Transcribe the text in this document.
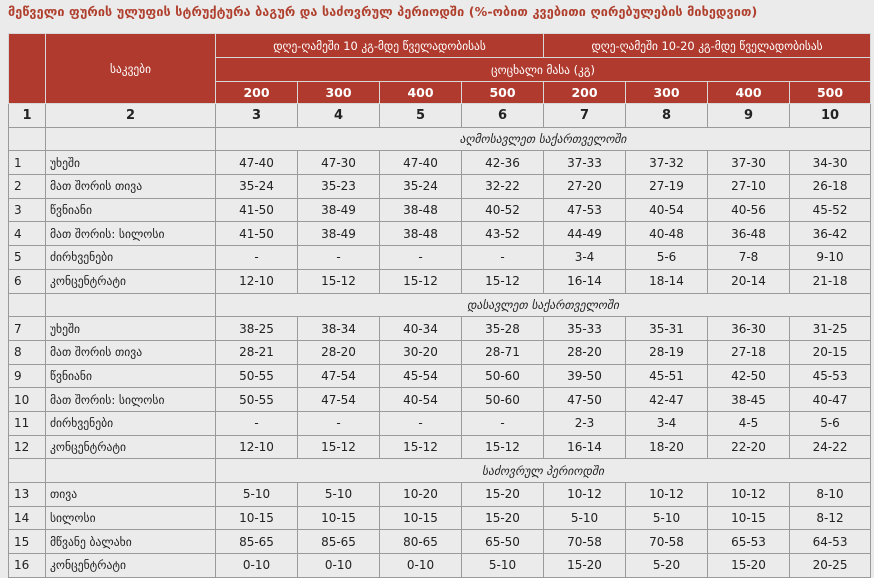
მეწველი ფურის ულუფის სტრუქტურა ბაგურ და საძოვრულ პერიოდში (%-ობით კვებითი ღირებულების მიხედვით)
	საკვები	დღე-ღამეში 10 კგ-მდე წველადობისას				დღე-ღამეში 10-20 კგ-მდე წველადობისას			
		ცოცხალი მასა (კგ)							
		200	300	400	500	200	300	400	500
1	2	3	4	5	6	7	8	9	10
		აღმოსავლეთ საქართველოში							
1	უხეში	47-40	47-30	47-40	42-36	37-33	37-32	37-30	34-30
2	მათ შორის თივა	35-24	35-23	35-24	32-22	27-20	27-19	27-10	26-18
3	წვნიანი	41-50	38-49	38-48	40-52	47-53	40-54	40-56	45-52
4	მათ შორის: სილოსი	41-50	38-49	38-48	43-52	44-49	40-48	36-48	36-42
5	ძირხვენები	-	-	-	-	3-4	5-6	7-8	9-10
6	კონცენტრატი	12-10	15-12	15-12	15-12	16-14	18-14	20-14	21-18
		დასავლეთ საქართველოში							
7	უხეში	38-25	38-34	40-34	35-28	35-33	35-31	36-30	31-25
8	მათ შორის თივა	28-21	28-20	30-20	28-71	28-20	28-19	27-18	20-15
9	წვნიანი	50-55	47-54	45-54	50-60	39-50	45-51	42-50	45-53
10	მათ შორის: სილოსი	50-55	47-54	40-54	50-60	47-50	42-47	38-45	40-47
11	ძირხვენები	-	-	-	-	2-3	3-4	4-5	5-6
12	კონცენტრატი	12-10	15-12	15-12	15-12	16-14	18-20	22-20	24-22
		საძოვრულ პერიოდში							
13	თივა	5-10	5-10	10-20	15-20	10-12	10-12	10-12	8-10
14	სილოსი	10-15	10-15	10-15	15-20	5-10	5-10	10-15	8-12
15	მწვანე ბალახი	85-65	85-65	80-65	65-50	70-58	70-58	65-53	64-53
16	კონცენტრატი	0-10	0-10	0-10	5-10	15-20	5-20	15-20	20-25
